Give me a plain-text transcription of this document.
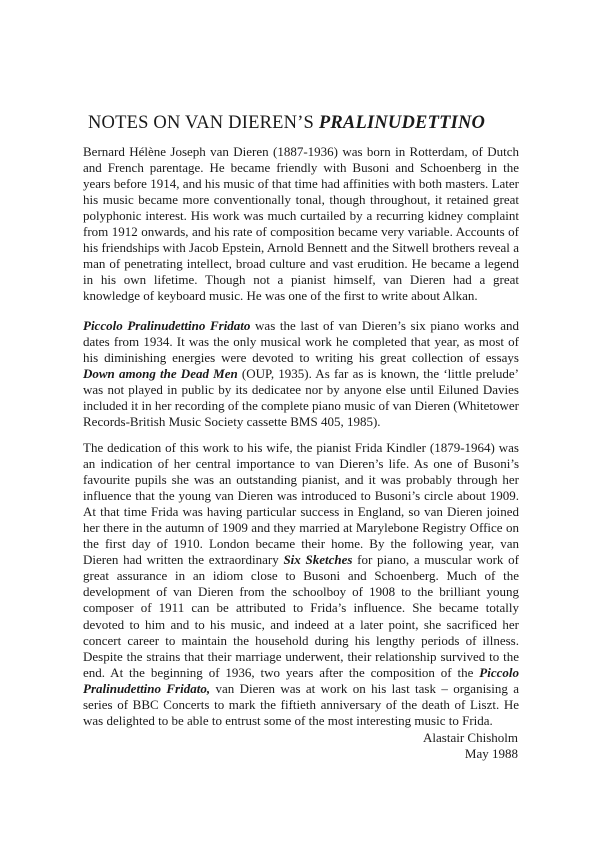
NOTES ON VAN DIEREN’S PRALINUDETTINO

Bernard Hélène Joseph van Dieren (1887-1936) was born in Rotterdam, of Dutch and French parentage. He became friendly with Busoni and Schoenberg in the years before 1914, and his music of that time had affinities with both masters. Later his music became more conventionally tonal, though throughout, it retained great polyphonic interest. His work was much curtailed by a recurring kidney complaint from 1912 onwards, and his rate of composition became very variable. Accounts of his friendships with Jacob Epstein, Arnold Bennett and the Sitwell brothers reveal a man of penetrating intellect, broad culture and vast erudition. He became a legend in his own lifetime. Though not a pianist himself, van Dieren had a great knowledge of keyboard music. He was one of the first to write about Alkan.

Piccolo Pralinudettino Fridato was the last of van Dieren’s six piano works and dates from 1934. It was the only musical work he completed that year, as most of his diminishing energies were devoted to writing his great collection of essays Down among the Dead Men (OUP, 1935). As far as is known, the ‘little prelude’ was not played in public by its dedicatee nor by anyone else until Eiluned Davies included it in her recording of the complete piano music of van Dieren (Whitetower Records-British Music Society cassette BMS 405, 1985).

The dedication of this work to his wife, the pianist Frida Kindler (1879-1964) was an indication of her central importance to van Dieren’s life. As one of Busoni’s favourite pupils she was an outstanding pianist, and it was probably through her influence that the young van Dieren was introduced to Busoni’s circle about 1909. At that time Frida was having particular success in England, so van Dieren joined her there in the autumn of 1909 and they married at Marylebone Registry Office on the first day of 1910. London became their home. By the following year, van Dieren had written the extraordinary Six Sketches for piano, a muscular work of great assurance in an idiom close to Busoni and Schoenberg. Much of the development of van Dieren from the schoolboy of 1908 to the brilliant young composer of 1911 can be attributed to Frida’s influence. She became totally devoted to him and to his music, and indeed at a later point, she sacrificed her concert career to maintain the household during his lengthy periods of illness. Despite the strains that their marriage underwent, their relationship survived to the end. At the beginning of 1936, two years after the composition of the Piccolo Pralinudettino Fridato, van Dieren was at work on his last task – organising a series of BBC Concerts to mark the fiftieth anniversary of the death of Liszt. He was delighted to be able to entrust some of the most interesting music to Frida.

Alastair Chisholm
May 1988
